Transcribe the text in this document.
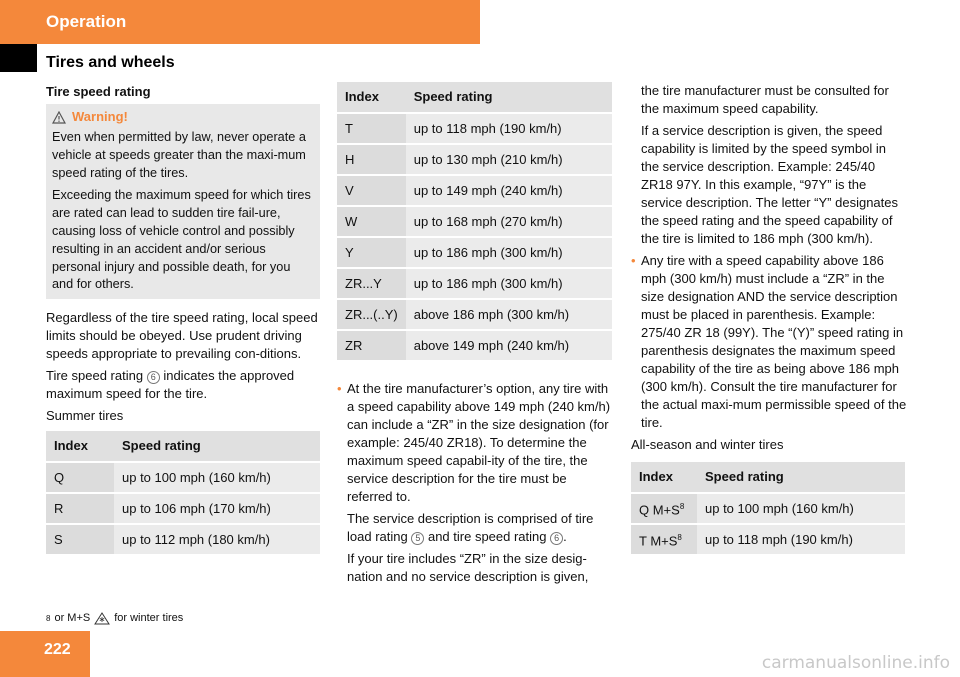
Operation
Tires and wheels
Tire speed rating
Warning!

Even when permitted by law, never operate a vehicle at speeds greater than the maxi-mum speed rating of the tires.

Exceeding the maximum speed for which tires are rated can lead to sudden tire fail-ure, causing loss of vehicle control and possibly resulting in an accident and/or serious personal injury and possible death, for you and for others.

Regardless of the tire speed rating, local speed limits should be obeyed. Use prudent driving speeds appropriate to prevailing con-ditions.

Tire speed rating 6 indicates the approved maximum speed for the tire.

Summer tires

Index	Speed rating
Q	up to 100 mph (160 km/h)
R	up to 106 mph (170 km/h)
S	up to 112 mph (180 km/h)
Index	Speed rating
T	up to 118 mph (190 km/h)
H	up to 130 mph (210 km/h)
V	up to 149 mph (240 km/h)
W	up to 168 mph (270 km/h)
Y	up to 186 mph (300 km/h)
ZR...Y	up to 186 mph (300 km/h)
ZR...(..Y)	above 186 mph (300 km/h)
ZR	above 149 mph (240 km/h)

• At the tire manufacturer’s option, any tire with a speed capability above 149 mph (240 km/h) can include a “ZR” in the size designation (for example: 245/40 ZR18). To determine the maximum speed capabil-ity of the tire, the service description for the tire must be referred to.

The service description is comprised of tire load rating 5 and tire speed rating 6 .

If your tire includes “ZR” in the size desig-nation and no service description is given,

the tire manufacturer must be consulted for the maximum speed capability.

If a service description is given, the speed capability is limited by the speed symbol in the service description. Example: 245/40 ZR18 97Y. In this example, “97Y” is the service description. The letter “Y” designates the speed rating and the speed capability of the tire is limited to 186 mph (300 km/h).

• Any tire with a speed capability above 186 mph (300 km/h) must include a “ZR” in the size designation AND the service description must be placed in parenthesis. Example: 275/40 ZR 18 (99Y). The “(Y)” speed rating in parenthesis designates the maximum speed capability of the tire as being above 186 mph (300 km/h). Consult the tire manufacturer for the actual maxi-mum permissible speed of the tire.

All-season and winter tires

Index	Speed rating
Q $M+S^8$	up to 100 mph (160 km/h)
T $M+S^8$	up to 118 mph (190 km/h)
8 or M+S for winter tires
222
carmanualsonline.info
